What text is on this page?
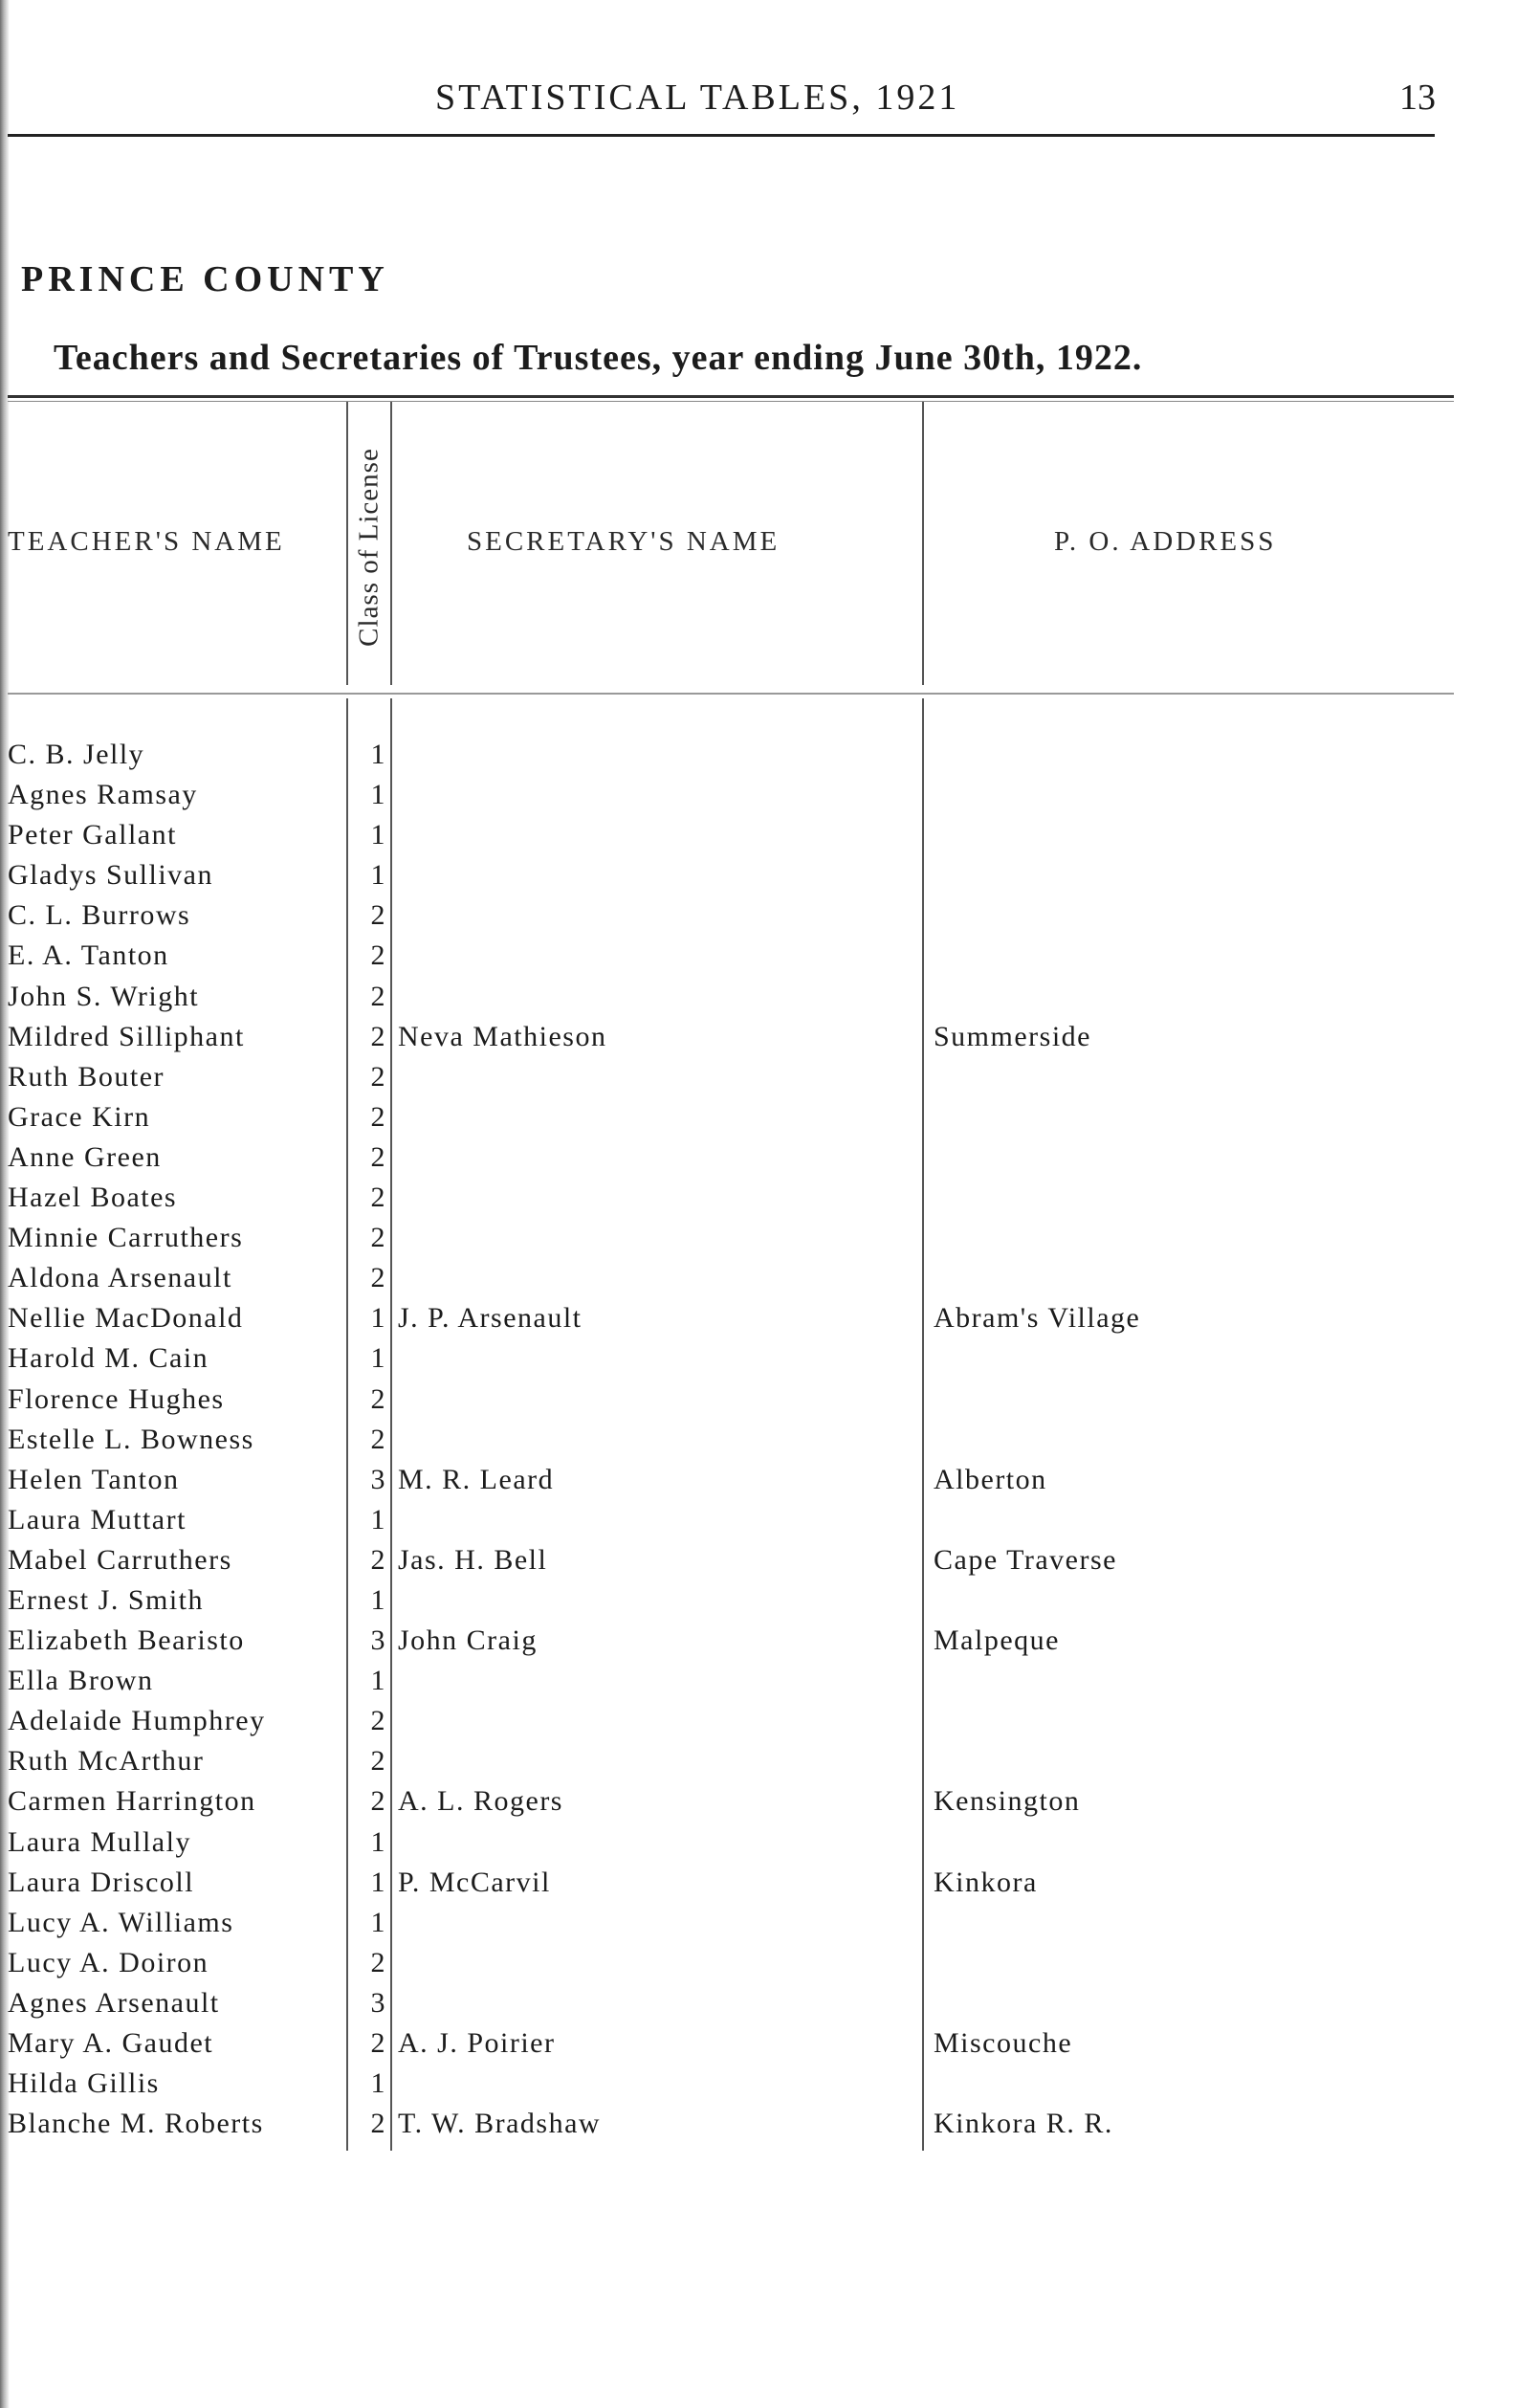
STATISTICAL TABLES, 1921	13
PRINCE COUNTY
Teachers and Secretaries of Trustees, year ending June 30th, 1922.
TEACHER'S NAME Class of License	SECRETARY'S NAME	P. O. ADDRESS
C. B. Jelly	1
Agnes Ramsay	1
Peter Gallant	1
Gladys Sullivan	1
C. L. Burrows	2
E. A. Tanton	2
John S. Wright	2
Mildred Silliphant	2 Neva Mathieson	Summerside
Ruth Bouter	2
Grace Kirn	2
Anne Green	2
Hazel Boates	2
Minnie Carruthers	2
Aldona Arsenault	2
Nellie MacDonald	1 J. P. Arsenault	Abram's Village
Harold M. Cain	1
Florence Hughes	2
Estelle L. Bowness	2
Helen Tanton	3 M. R. Leard	Alberton
Laura Muttart	1
Mabel Carruthers	2 Jas. H. Bell	Cape Traverse
Ernest J. Smith	1
Elizabeth Bearisto	3 John Craig	Malpeque
Ella Brown	1
Adelaide Humphrey	2
Ruth McArthur	2
Carmen Harrington	2 A. L. Rogers	Kensington
Laura Mullaly	1
Laura Driscoll	1 P. McCarvil	Kinkora
Lucy A. Williams	1
Lucy A. Doiron	2
Agnes Arsenault	3
Mary A. Gaudet	2 A. J. Poirier	Miscouche
Hilda Gillis	1
Blanche M. Roberts	2 T. W. Bradshaw	Kinkora R. R.
